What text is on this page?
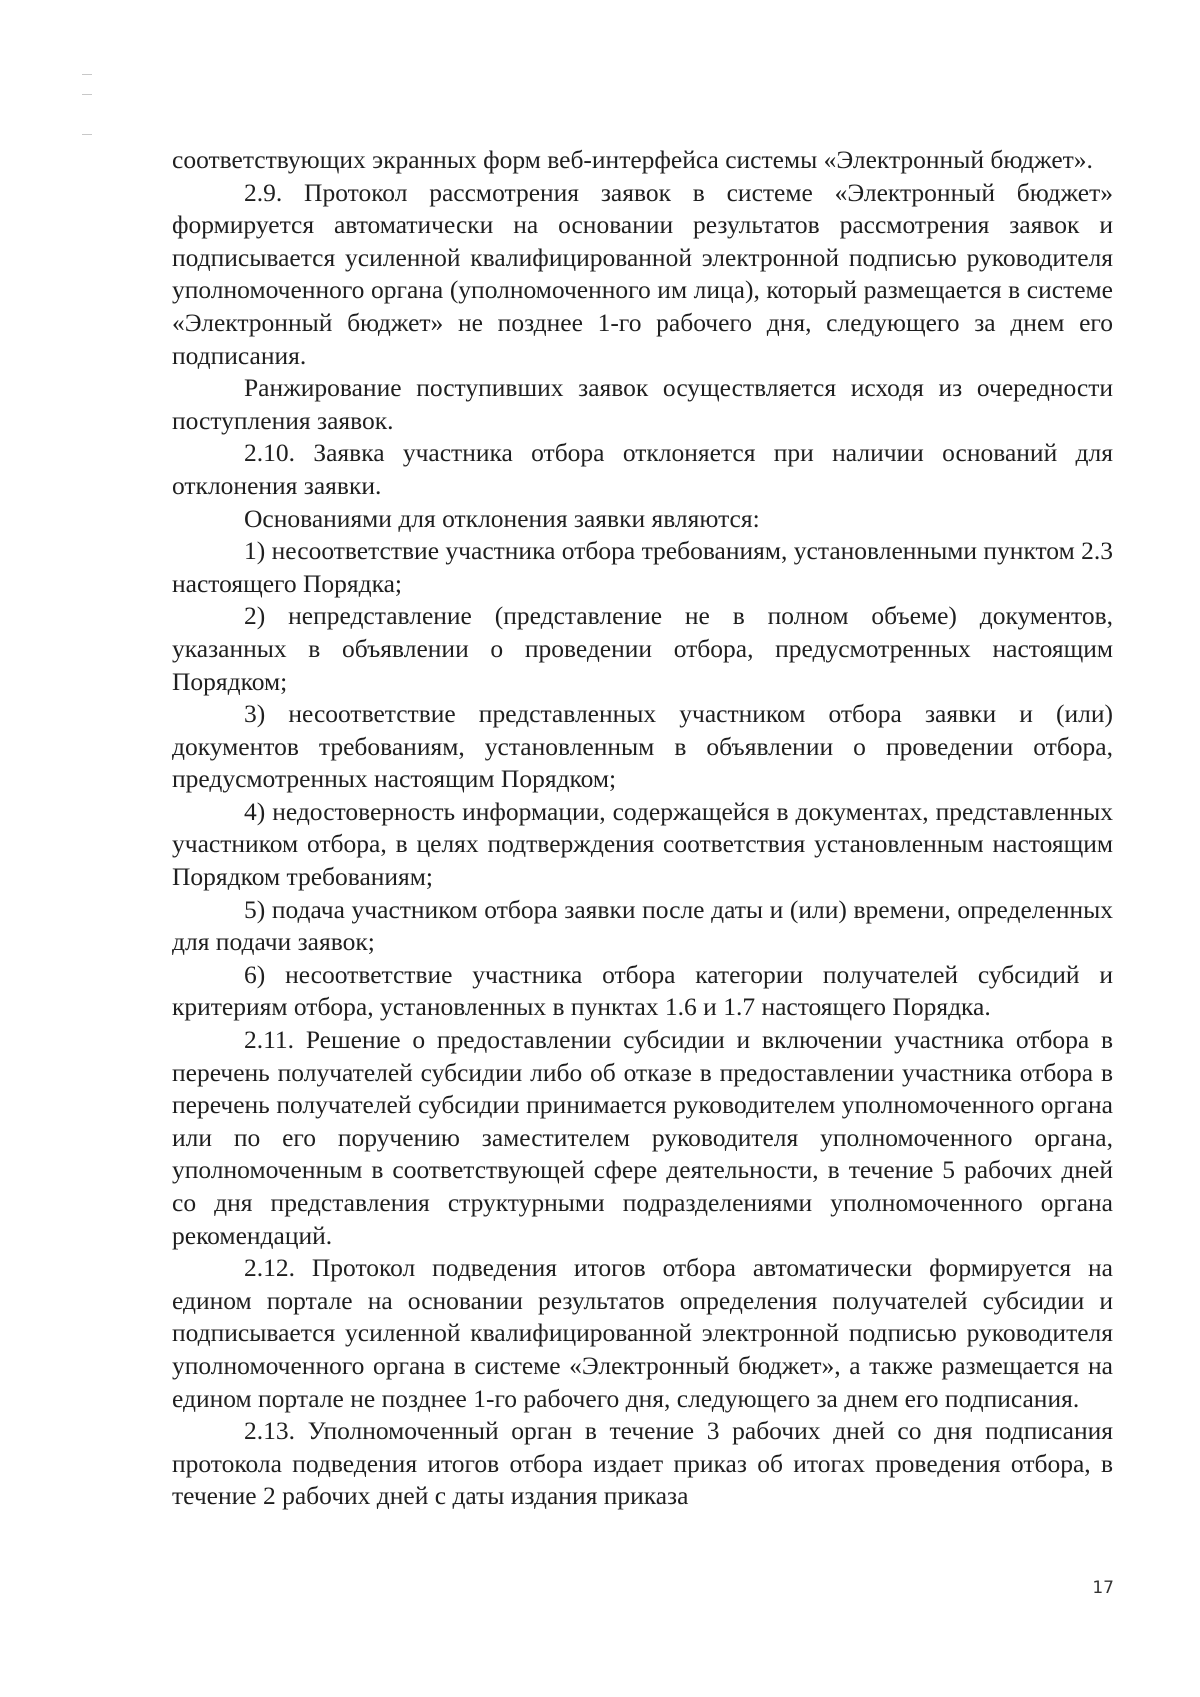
соответствующих экранных форм веб-интерфейса системы «Электронный бюджет».

2.9. Протокол рассмотрения заявок в системе «Электронный бюджет» формируется автоматически на основании результатов рассмотрения заявок и подписывается усиленной квалифицированной электронной подписью руководителя уполномоченного органа (уполномоченного им лица), который размещается в системе «Электронный бюджет» не позднее 1-го рабочего дня, следующего за днем его подписания.

Ранжирование поступивших заявок осуществляется исходя из очередности поступления заявок.

2.10. Заявка участника отбора отклоняется при наличии оснований для отклонения заявки.

Основаниями для отклонения заявки являются:

1) несоответствие участника отбора требованиям, установленными пунктом 2.3 настоящего Порядка;

2) непредставление (представление не в полном объеме) документов, указанных в объявлении о проведении отбора, предусмотренных настоящим Порядком;

3) несоответствие представленных участником отбора заявки и (или) документов требованиям, установленным в объявлении о проведении отбора, предусмотренных настоящим Порядком;

4) недостоверность информации, содержащейся в документах, представленных участником отбора, в целях подтверждения соответствия установленным настоящим Порядком требованиям;

5) подача участником отбора заявки после даты и (или) времени, определенных для подачи заявок;

6) несоответствие участника отбора категории получателей субсидий и критериям отбора, установленных в пунктах 1.6 и 1.7 настоящего Порядка.

2.11. Решение о предоставлении субсидии и включении участника отбора в перечень получателей субсидии либо об отказе в предоставлении участника отбора в перечень получателей субсидии принимается руководителем уполномоченного органа или по его поручению заместителем руководителя уполномоченного органа, уполномоченным в соответствующей сфере деятельности, в течение 5 рабочих дней со дня представления структурными подразделениями уполномоченного органа рекомендаций.

2.12. Протокол подведения итогов отбора автоматически формируется на едином портале на основании результатов определения получателей субсидии и подписывается усиленной квалифицированной электронной подписью руководителя уполномоченного органа в системе «Электронный бюджет», а также размещается на едином портале не позднее 1-го рабочего дня, следующего за днем его подписания.

2.13. Уполномоченный орган в течение 3 рабочих дней со дня подписания протокола подведения итогов отбора издает приказ об итогах проведения отбора, в течение 2 рабочих дней с даты издания приказа

17
